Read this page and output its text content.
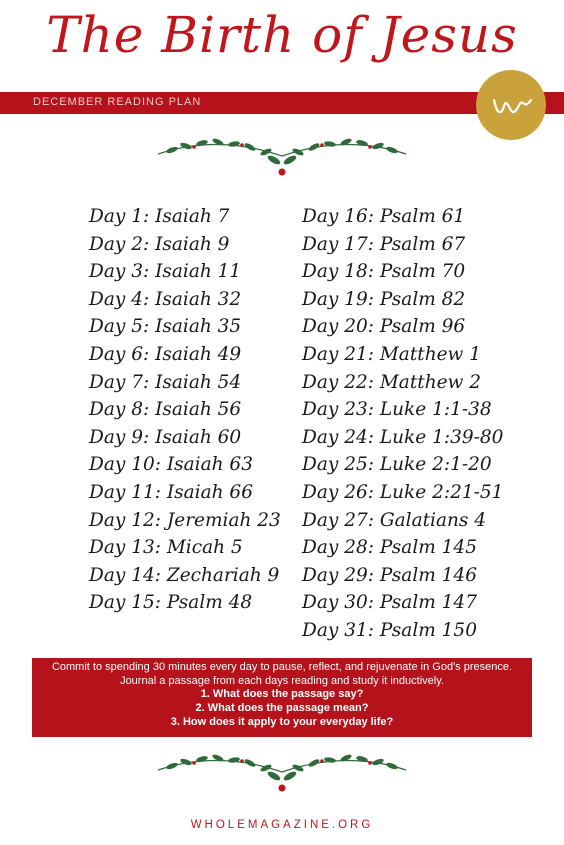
The Birth of Jesus
DECEMBER READING PLAN
Day 1: Isaiah 7
Day 2: Isaiah 9
Day 3: Isaiah 11
Day 4: Isaiah 32
Day 5: Isaiah 35
Day 6: Isaiah 49
Day 7: Isaiah 54
Day 8: Isaiah 56
Day 9: Isaiah 60
Day 10: Isaiah 63
Day 11: Isaiah 66
Day 12: Jeremiah 23
Day 13: Micah 5
Day 14: Zechariah 9
Day 15: Psalm 48
Day 16: Psalm 61
Day 17: Psalm 67
Day 18: Psalm 70
Day 19: Psalm 82
Day 20: Psalm 96
Day 21: Matthew 1
Day 22: Matthew 2
Day 23: Luke 1:1-38
Day 24: Luke 1:39-80
Day 25: Luke 2:1-20
Day 26: Luke 2:21-51
Day 27: Galatians 4
Day 28: Psalm 145
Day 29: Psalm 146
Day 30: Psalm 147
Day 31: Psalm 150
Commit to spending 30 minutes every day to pause, reflect, and rejuvenate in God's presence.
Journal a passage from each days reading and study it inductively.
1. What does the passage say?
2. What does the passage mean?
3. How does it apply to your everyday life?
WHOLEMAGAZINE.ORG
